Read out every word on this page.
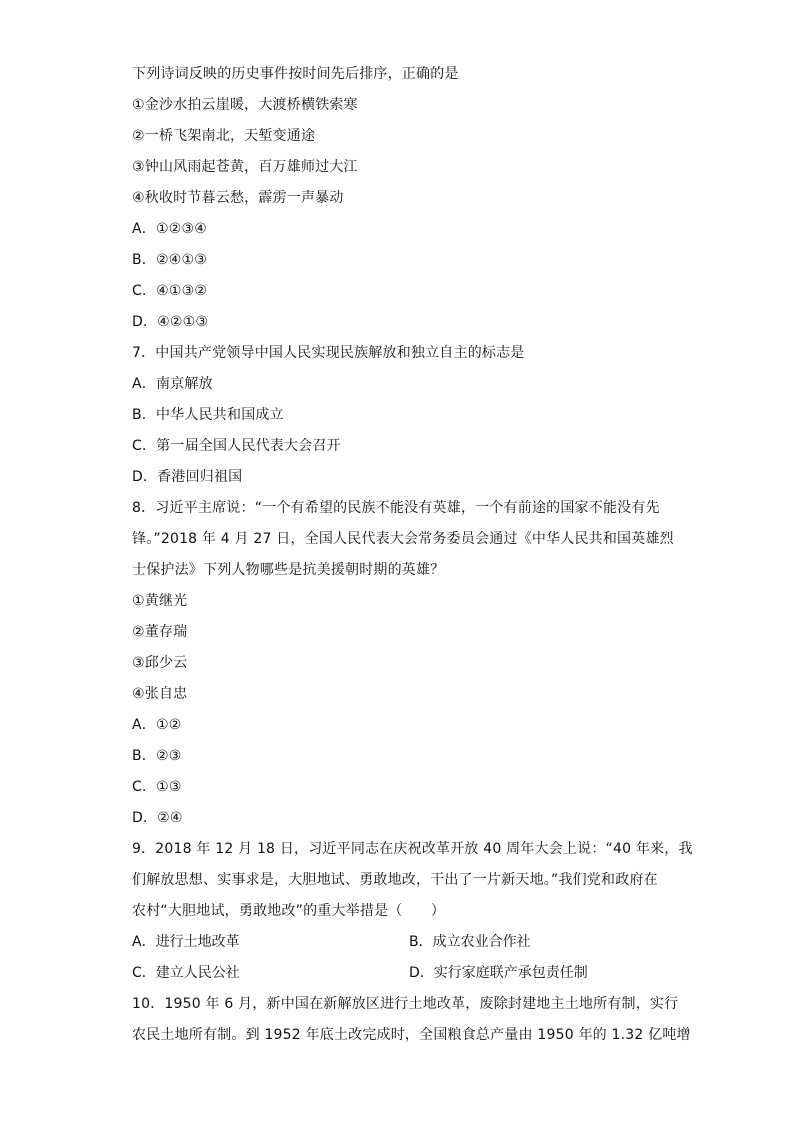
下列诗词反映的历史事件按时间先后排序，正确的是
①金沙水拍云崖暖，大渡桥横铁索寒
②一桥飞架南北，天堑变通途
③钟山风雨起苍黄，百万雄师过大江
④秋收时节暮云愁，霹雳一声暴动
A．①②③④
B．②④①③
C．④①③②
D．④②①③
7．中国共产党领导中国人民实现民族解放和独立自主的标志是
A．南京解放
B．中华人民共和国成立
C．第一届全国人民代表大会召开
D．香港回归祖国
8．习近平主席说：“一个有希望的民族不能没有英雄，一个有前途的国家不能没有先
锋。”2018 年 4 月 27 日，全国人民代表大会常务委员会通过《中华人民共和国英雄烈
士保护法》下列人物哪些是抗美援朝时期的英雄？
①黄继光
②董存瑞
③邱少云
④张自忠
A．①②
B．②③
C．①③
D．②④
9．2018 年 12 月 18 日，习近平同志在庆祝改革开放 40 周年大会上说：“40 年来，我
们解放思想、实事求是，大胆地试、勇敢地改，干出了一片新天地。”我们党和政府在
农村“大胆地试，勇敢地改”的重大举措是（　　）
A．进行土地改革	B．成立农业合作社
C．建立人民公社	D．实行家庭联产承包责任制
10．1950 年 6 月，新中国在新解放区进行土地改革，废除封建地主土地所有制，实行
农民土地所有制。到 1952 年底土改完成时，全国粮食总产量由 1950 年的 1.32 亿吨增
